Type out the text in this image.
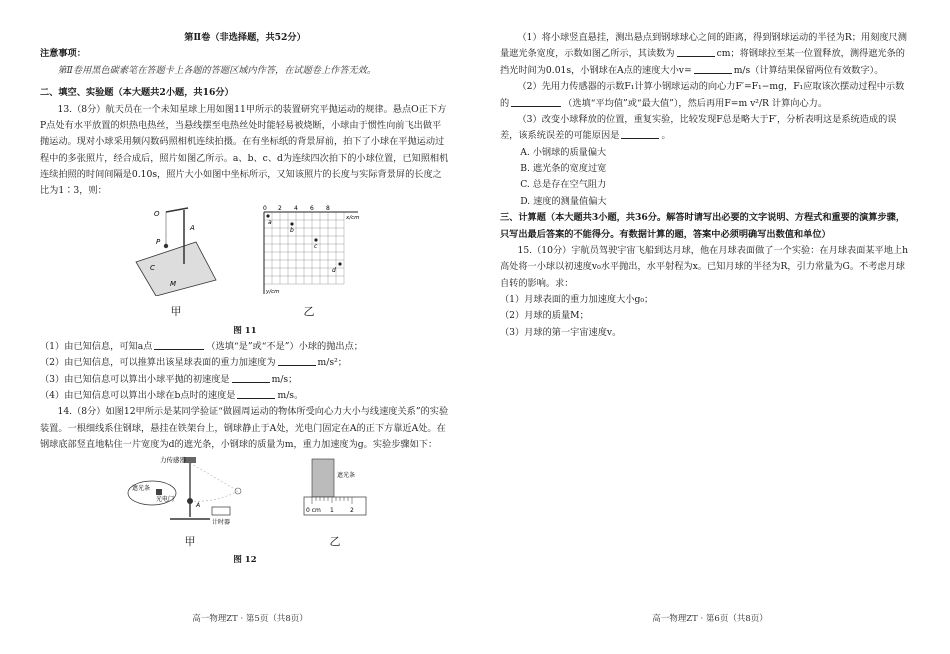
第Ⅱ卷（非选择题，共52分）

注意事项：

第Ⅱ卷用黑色碳素笔在答题卡上各题的答题区域内作答，在试题卷上作答无效。

二、填空、实验题（本大题共2小题，共16分）

13.（8分）航天员在一个未知星球上用如图11甲所示的装置研究平抛运动的规律。悬点O正下方P点处有水平放置的炽热电热丝，当悬线摆至电热丝处时能轻易被烧断，小球由于惯性向前飞出做平抛运动。现对小球采用频闪数码照相机连续拍摄。在有坐标纸的背景屏前，拍下了小球在平抛运动过程中的多张照片，经合成后，照片如图乙所示。a、b、c、d为连续四次拍下的小球位置，已知照相机连续拍照的时间间隔是0.10s，照片大小如图中坐标所示，又知该照片的长度与实际背景屏的长度之比为1∶3，则：

O
P
A
C
M
甲
0 2 4 6 8
x/cm
y/cm
a
b
c
d
乙
图 11

（1）由已知信息，可知a点	（选填“是”或“不是”）小球的抛出点；

（2）由已知信息，可以推算出该星球表面的重力加速度为	m/s²；

（3）由已知信息可以算出小球平抛的初速度是	m/s；

（4）由已知信息可以算出小球在b点时的速度是	m/s。

14.（8分）如图12甲所示是某同学验证“做圆周运动的物体所受向心力大小与线速度关系”的实验装置。一根细线系住钢球，悬挂在铁架台上，钢球静止于A处，光电门固定在A的正下方靠近A处。在钢球底部竖直地粘住一片宽度为d的遮光条，小钢球的质量为m，重力加速度为g。实验步骤如下：

A
力传感器
遮光条
光电门
计时器
甲
遮光条
0 cm 1	2
乙
图 12

（1）将小球竖直悬挂，测出悬点到钢球球心之间的距离，得到钢球运动的半径为R；用刻度尺测量遮光条宽度，示数如图乙所示，其读数为	cm；将钢球拉至某一位置释放，测得遮光条的挡光时间为0.01s，小钢球在A点的速度大小v=	m/s（计算结果保留两位有效数字）。

（2）先用力传感器的示数F₁计算小钢球运动的向心力F′=F₁−mg，F₁应取该次摆动过程中示数的	（选填“平均值”或“最大值”），然后再用F=m v²/R 计算向心力。

（3）改变小球释放的位置，重复实验，比较发现F总是略大于F′，分析表明这是系统造成的误差，该系统误差的可能原因是	。

A. 小钢球的质量偏大

B. 遮光条的宽度过宽

C. 总是存在空气阻力

D. 速度的测量值偏大

三、计算题（本大题共3小题，共36分。解答时请写出必要的文字说明、方程式和重要的演算步骤，只写出最后答案的不能得分。有数据计算的题，答案中必须明确写出数值和单位）

15.（10分）宇航员驾驶宇宙飞船到达月球，他在月球表面做了一个实验：在月球表面某平地上h高处将一小球以初速度v₀水平抛出，水平射程为x。已知月球的半径为R，引力常量为G。不考虑月球自转的影响。求：

（1）月球表面的重力加速度大小g₀；

（2）月球的质量M；

（3）月球的第一宇宙速度v。

高一物理ZT · 第5页（共8页）	高一物理ZT · 第6页（共8页）
